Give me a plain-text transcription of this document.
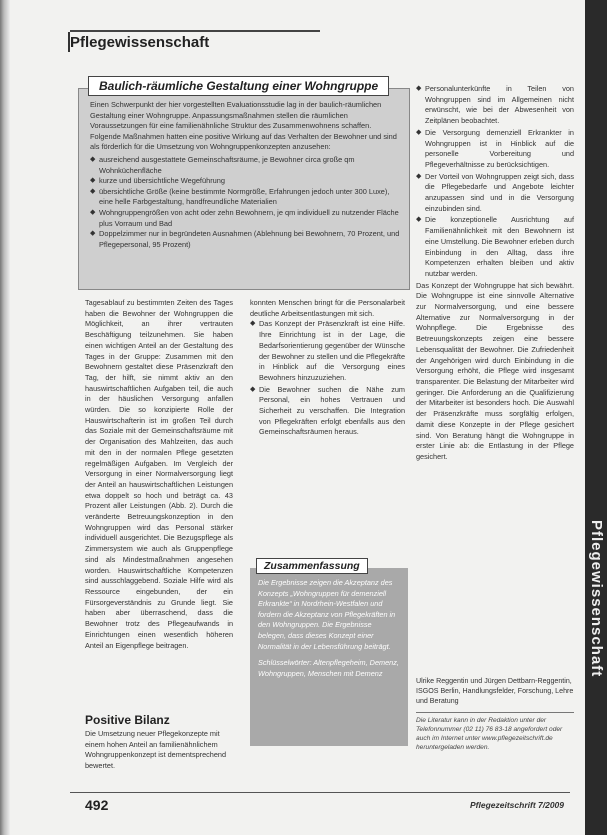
Pflegewissenschaft
Pflegewissenschaft
Baulich-räumliche Gestaltung einer Wohngruppe

Einen Schwerpunkt der hier vorgestellten Evaluationsstudie lag in der baulich-räumlichen Gestaltung einer Wohngruppe. Anpassungsmaßnahmen stellen die räumlichen Voraussetzungen für eine familienähnliche Struktur des Zusammenwohnens schaffen. Folgende Maßnahmen hatten eine positive Wirkung auf das Verhalten der Bewohner und sind als förderlich für die Umsetzung von Wohngruppenkonzepten anzusehen:

◆ ausreichend ausgestattete Gemeinschaftsräume, je Bewohner circa große qm Wohnküchenfläche
◆ kurze und übersichtliche Wegeführung
◆ übersichtliche Größe (keine bestimmte Normgröße, Erfahrungen jedoch unter 300 Luxe), eine helle Farbgestaltung, handfreundliche Materialien
◆ Wohngruppengrößen von acht oder zehn Bewohnern, je qm individuell zu nutzender Fläche plus Vorraum und Bad
◆ Doppelzimmer nur in begründeten Ausnahmen (Ablehnung bei Bewohnern, 70 Prozent, und Pflegepersonal, 95 Prozent)

Tagesablauf zu bestimmten Zeiten des Tages haben die Bewohner der Wohngruppen die Möglichkeit, an ihrer vertrauten Beschäftigung teilzunehmen. Sie haben einen wichtigen Anteil an der Gestaltung des Tages in der Gruppe: Zusammen mit den Bewohnern gestaltet diese Präsenzkraft den Tag, der hilft, sie nimmt aktiv an den hauswirtschaftlichen Aufgaben teil, die auch in der häuslichen Versorgung anfallen würden. Die so konzipierte Rolle der Hauswirtschafterin ist im großen Teil durch das Soziale mit der Gemeinschaftsräume mit der Organisation des Mahlzeiten, das auch mit den in der normalen Pflege gesetzten regelmäßigen Aufgaben. Im Vergleich der Versorgung in einer Normalversorgung liegt der Anteil an hauswirtschaftlichen Leistungen etwa doppelt so hoch und beträgt ca. 43 Prozent aller Leistungen (Abb. 2). Durch die veränderte Betreuungskonzeption in den Wohngruppen wird das Personal stärker individuell ausgerichtet. Die Bezugspflege als Zimmersystem wie auch als Gruppenpflege sind als Mindestmaßnahmen angesehen worden. Hauswirtschaftliche Kompetenzen sind ausschlaggebend. Soziale Hilfe wird als Ressource eingebunden, der ein Fürsorgeverständnis zu Grunde liegt. Sie haben aber überraschend, dass die Bewohner trotz des Pflegeaufwands in Einrichtungen einen wesentlich höheren Anteil an Eigenpflege beitragen.

Positive Bilanz
Die Umsetzung neuer Pflegekonzepte mit einem hohen Anteil an familienähnlichem Wohngruppenkonzept ist dementsprechend bewertet.

konnten Menschen bringt für die Personalarbeit deutliche Arbeitsentlastungen mit sich.

◆ Das Konzept der Präsenzkraft ist eine Hilfe. Ihre Einrichtung ist in der Lage, die Bedarfsorientierung gegenüber der Wünsche der Bewohner zu stellen und die Pflegekräfte in Hinblick auf die Versorgung eines Bewohners hinzuzuziehen.
◆ Die Bewohner suchen die Nähe zum Personal, ein hohes Vertrauen und Sicherheit zu verschaffen. Die Integration von Pflegekräften erfolgt ebenfalls aus den Gemeinschaftsräumen heraus.
Zusammenfassung

Die Ergebnisse zeigen die Akzeptanz des Konzepts „Wohngruppen für demenziell Erkrankte“ in Nordrhein-Westfalen und fordern die Akzeptanz von Pflegekräften in den Wohngruppen. Die Ergebnisse belegen, dass dieses Konzept einer Normalität in der Lebensführung beiträgt.

Schlüsselwörter: Altenpflegeheim, Demenz, Wohngruppen, Menschen mit Demenz

◆ Personalunterkünfte in Teilen von Wohngruppen sind im Allgemeinen nicht erwünscht, wie bei der Abwesenheit von Zeitplänen beobachtet.
◆ Die Versorgung demenziell Erkrankter in Wohngruppen ist in Hinblick auf die personelle Vorbereitung und Pflegeverhältnisse zu berücksichtigen.
◆ Der Vorteil von Wohngruppen zeigt sich, dass die Pflegebedarfe und Angebote leichter anzupassen sind und in die Versorgung einzubinden sind.
◆ Die konzeptionelle Ausrichtung auf Familienähnlichkeit mit den Bewohnern ist eine Umstellung. Die Bewohner erleben durch Einbindung in den Alltag, dass ihre Kompetenzen erhalten bleiben und aktiv nutzbar werden.

Das Konzept der Wohngruppe hat sich bewährt. Die Wohngruppe ist eine sinnvolle Alternative zur Normalversorgung, und eine bessere Alternative zur Normalversorgung in der Wohnpflege. Die Ergebnisse des Betreuungskonzepts zeigen eine bessere Lebensqualität der Bewohner. Die Zufriedenheit der Angehörigen wird durch Einbindung in die Versorgung erhöht, die Pflege wird insgesamt transparenter. Die Belastung der Mitarbeiter wird geringer. Die Anforderung an die Qualifizierung der Mitarbeiter ist besonders hoch. Die Auswahl der Präsenzkräfte muss sorgfältig erfolgen, damit diese Konzepte in der Pflege gesichert sind. Von Beratung hängt die Wohngruppe in erster Linie ab: die Entlastung in der Pflege gesichert.

Ulrike Reggentin und Jürgen Dettbarn-Reggentin, ISGOS Berlin, Handlungsfelder, Forschung, Lehre und Beratung
Die Literatur kann in der Redaktion unter der Telefonnummer (02 11) 76 83-18 angefordert oder auch im Internet unter www.pflegezeitschrift.de heruntergeladen werden.
492	Pflegezeitschrift 7/2009
